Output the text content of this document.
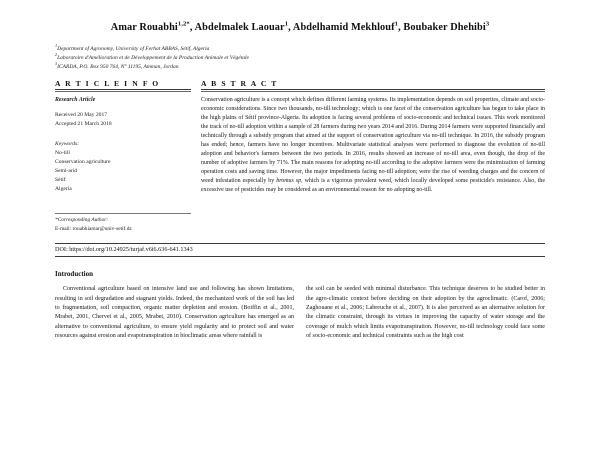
Amar Rouabhi$^{1,2*}$, Abdelmalek Laouar$^1$, Abdelhamid Mekhlouf$^1$, Boubaker Dhehibi$^3$
$^1$Department of Agronomy, University of Ferhat ABBAS, Sétif, Algeria
$^2$Laboratoire d'Amélioration et de Développement de la Production Animale et Végétale
$^3$ICARDA, P.O. Box 950 764, N° 11195, Amman, Jordan
A R T I C L E I N F O	A B S T R A C T
Research Article
Received 20 May 2017
Accepted 21 March 2018
Keywords:
No-till
Conservation agriculture
Semi-arid
Sétif
Algeria
*Corresponding Author:
E-mail: rouabhiamar@univ-setif.dz

Conservation agriculture is a concept which defines different farming systems. Its implementation depends on soil properties, climate and socio-economic considerations. Since two thousands, no-till technology; which is one facet of the conservation agriculture has begun to take place in the high plains of Sétif province-Algeria. Its adoption is facing several problems of socio-economic and technical issues. This work monitored the track of no-till adoption within a sample of 28 farmers during two years 2014 and 2016. During 2014 farmers were supported financially and technically through a subsidy program that aimed at the support of conservation agriculture via no-till technique. In 2016, the subsidy program has ended; hence, farmers have no longer incentives. Multivariate statistical analyses were performed to diagnose the evolution of no-till adoption and behavior's farmers between the two periods. In 2016, results showed an increase of no-till area, even though, the drop of the number of adoptive farmers by 71%. The main reasons for adopting no-till according to the adoptive farmers were the minimization of farming operation costs and saving time. However, the major impediments facing no-till adoption; were the rise of weeding charges and the concern of weed infestation especially by bromus sp, which is a vigorous prevalent weed, which locally developed some pesticide's resistance. Also, the excessive use of pesticides may be considered as an environmental reason for no adopting no-till.

DOI: https://doi.org/10.24925/turjaf.v6i6.636-641.1343
Introduction

Conventional agriculture based on intensive land use and following has shown limitations, resulting in soil degradation and stagnant yields. Indeed, the mechanized work of the soil has led to fragmentation, soil compaction, organic matter depletion and erosion. (Boiffin et al., 2001, Mrabet, 2001, Chervet et al., 2005, Mrabet, 2010). Conservation agriculture has emerged as an alternative to conventional agriculture, to ensure yield regularity and to protect soil and water resources against erosion and evapotranspiration in bioclimatic areas where rainfall is

the soil can be seeded with minimal disturbance. This technique deserves to be studied better in the agro-climatic context before deciding on their adoption by the agroclimatic. (Carof, 2006; Zaghouane et al., 2006; Labreuche et al., 2007). It is also perceived as an alternative solution for the climatic constraint, through its virtues in improving the capacity of water storage and the coverage of mulch which limits evapotranspiration. However, no-till technology could face some of socio-economic and technical constraints such as the high cost
